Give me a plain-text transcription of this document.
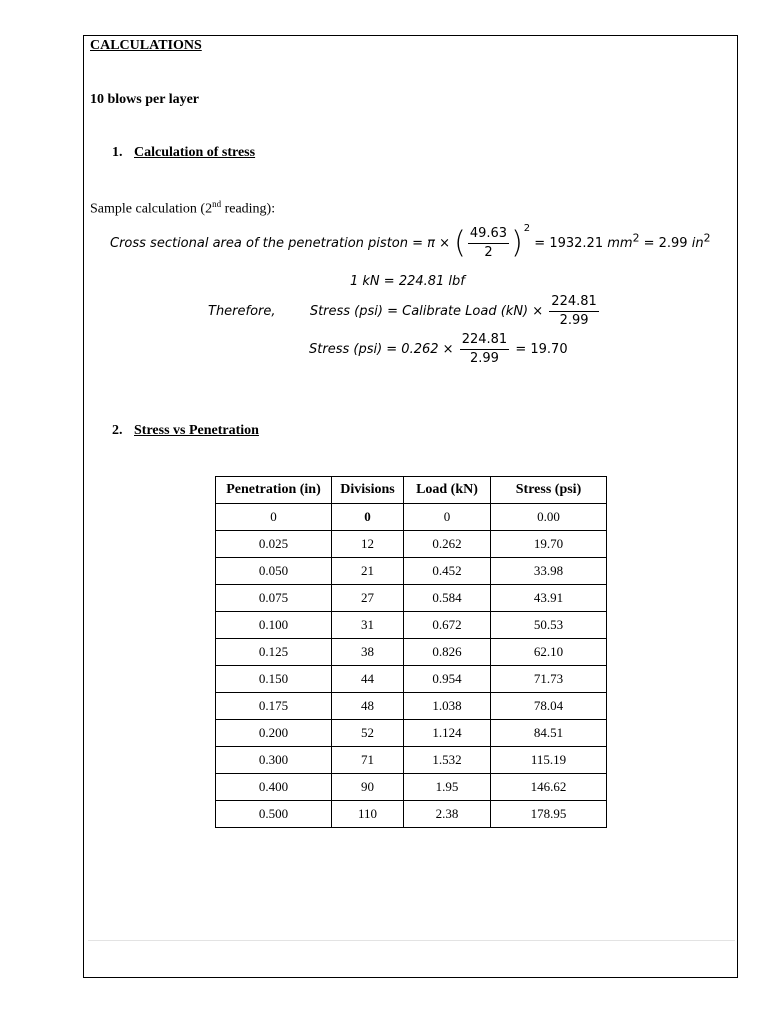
CALCULATIONS
10 blows per layer
1. Calculation of stress
Sample calculation (2nd reading):
Cross sectional area of the penetration piston = π × ( $\frac{49.63}{2} )^2 = 1932.21$ $mm^2 = 2.99$ $in^2$
1 kN = 224.81 lbf
Therefore,	Stress (psi) = Calibrate Load $(kN) \times \frac{224.81}{2.99}$
Stress $(psi) = 0.262 \times \frac{224.81}{2.99} = 19.70$
2. Stress vs Penetration
Penetration (in)	Divisions	Load (kN)	Stress (psi)
0	0	0	0.00
0.025	12	0.262	19.70
0.050	21	0.452	33.98
0.075	27	0.584	43.91
0.100	31	0.672	50.53
0.125	38	0.826	62.10
0.150	44	0.954	71.73
0.175	48	1.038	78.04
0.200	52	1.124	84.51
0.300	71	1.532	115.19
0.400	90	1.95	146.62
0.500	110	2.38	178.95
